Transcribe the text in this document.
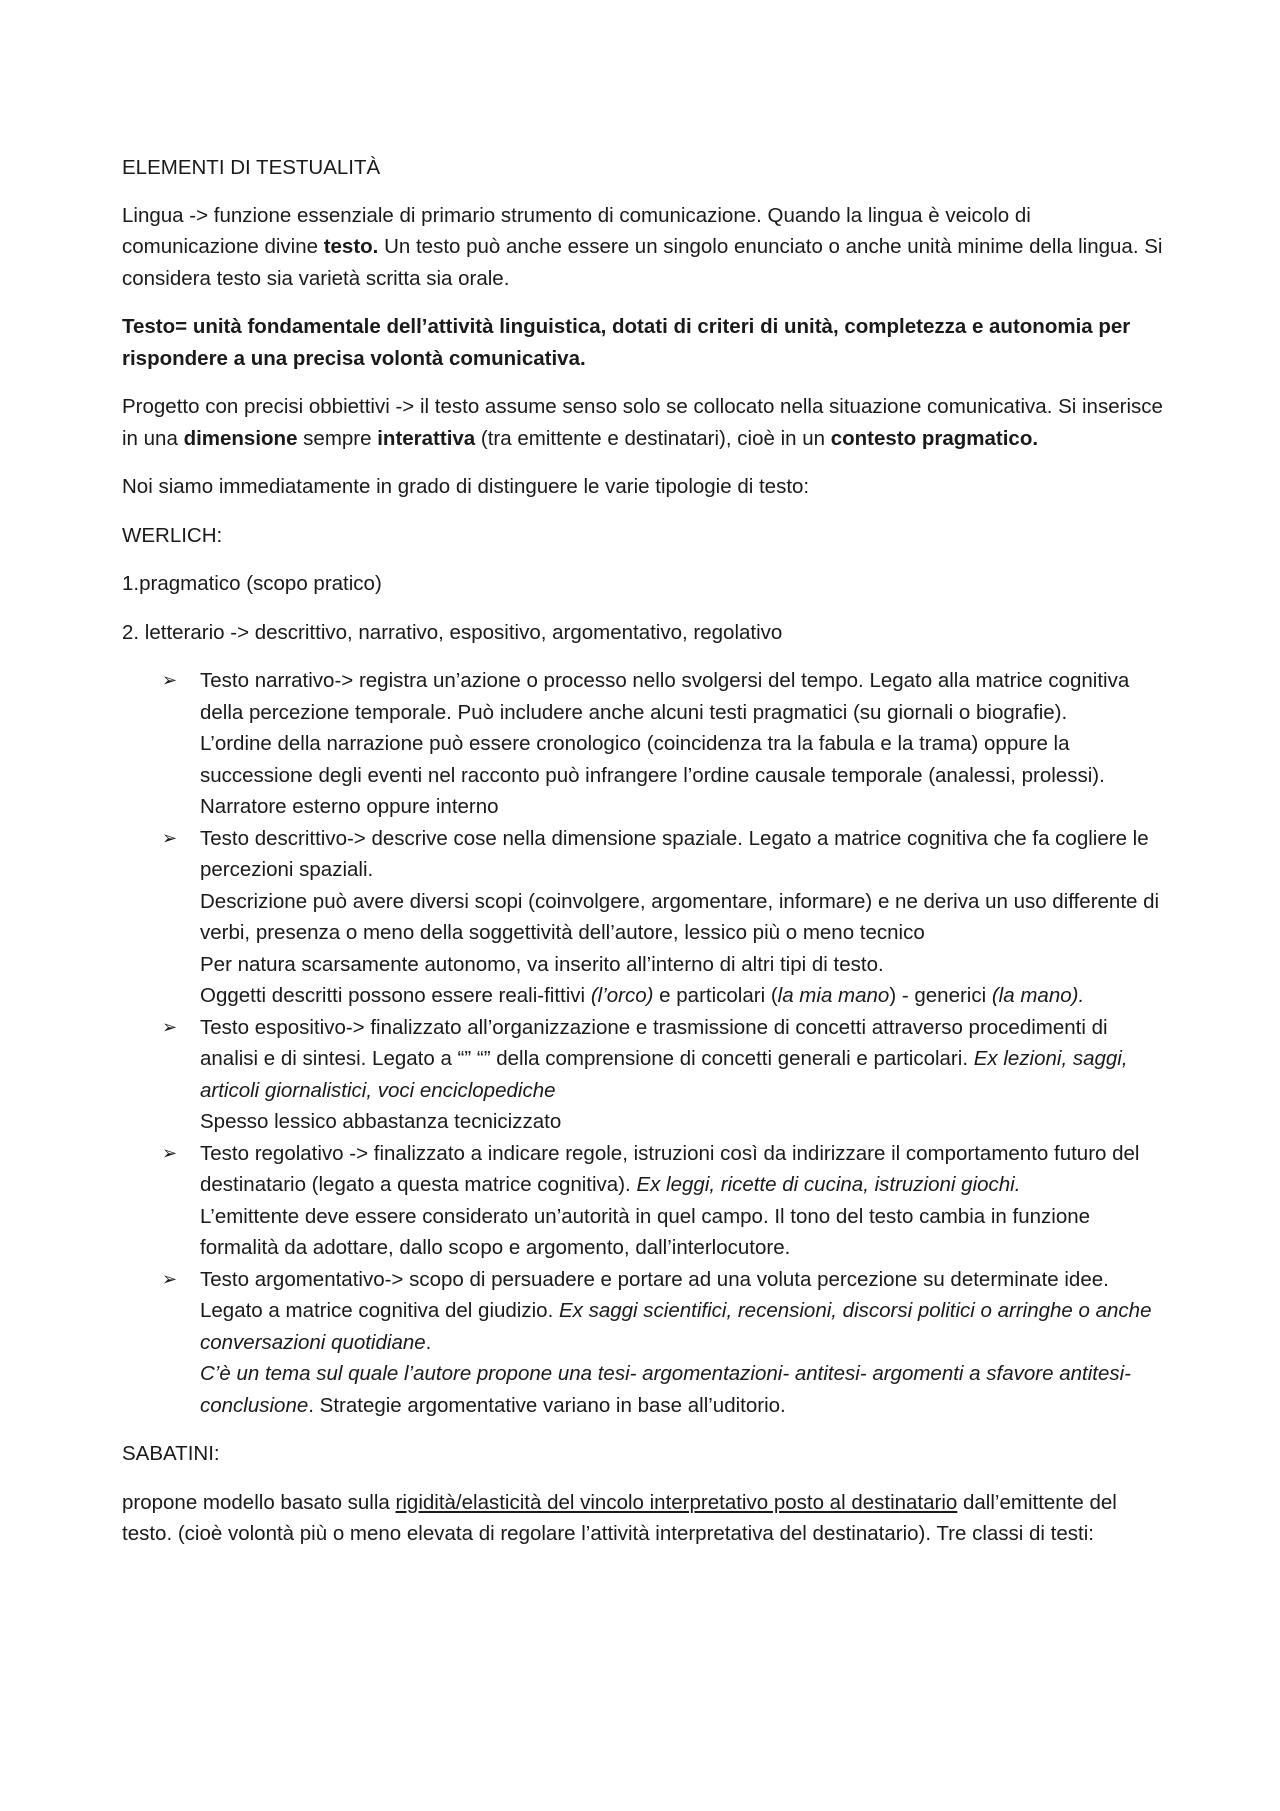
ELEMENTI DI TESTUALITÀ

Lingua -> funzione essenziale di primario strumento di comunicazione. Quando la lingua è veicolo di comunicazione divine testo. Un testo può anche essere un singolo enunciato o anche unità minime della lingua. Si considera testo sia varietà scritta sia orale.

Testo= unità fondamentale dell’attività linguistica, dotati di criteri di unità, completezza e autonomia per rispondere a una precisa volontà comunicativa.

Progetto con precisi obbiettivi -> il testo assume senso solo se collocato nella situazione comunicativa. Si inserisce in una dimensione sempre interattiva (tra emittente e destinatari), cioè in un contesto pragmatico.

Noi siamo immediatamente in grado di distinguere le varie tipologie di testo:

WERLICH:

1.pragmatico (scopo pratico)

2. letterario -> descrittivo, narrativo, espositivo, argomentativo, regolativo

➢ Testo narrativo-> registra un’azione o processo nello svolgersi del tempo. Legato alla matrice cognitiva della percezione temporale. Può includere anche alcuni testi pragmatici (su giornali o biografie).
L’ordine della narrazione può essere cronologico (coincidenza tra la fabula e la trama) oppure la successione degli eventi nel racconto può infrangere l’ordine causale temporale (analessi, prolessi).
Narratore esterno oppure interno
➢ Testo descrittivo-> descrive cose nella dimensione spaziale. Legato a matrice cognitiva che fa cogliere le percezioni spaziali.
Descrizione può avere diversi scopi (coinvolgere, argomentare, informare) e ne deriva un uso differente di verbi, presenza o meno della soggettività dell’autore, lessico più o meno tecnico
Per natura scarsamente autonomo, va inserito all’interno di altri tipi di testo.
Oggetti descritti possono essere reali-fittivi (l’orco) e particolari (la mia mano) - generici (la mano).
➢ Testo espositivo-> finalizzato all’organizzazione e trasmissione di concetti attraverso procedimenti di analisi e di sintesi. Legato a “” “” della comprensione di concetti generali e particolari. Ex lezioni, saggi, articoli giornalistici, voci enciclopediche
Spesso lessico abbastanza tecnicizzato
➢ Testo regolativo -> finalizzato a indicare regole, istruzioni così da indirizzare il comportamento futuro del destinatario (legato a questa matrice cognitiva). Ex leggi, ricette di cucina, istruzioni giochi.
L’emittente deve essere considerato un’autorità in quel campo. Il tono del testo cambia in funzione formalità da adottare, dallo scopo e argomento, dall’interlocutore.
➢ Testo argomentativo-> scopo di persuadere e portare ad una voluta percezione su determinate idee. Legato a matrice cognitiva del giudizio. Ex saggi scientifici, recensioni, discorsi politici o arringhe o anche conversazioni quotidiane.
C’è un tema sul quale l’autore propone una tesi- argomentazioni- antitesi- argomenti a sfavore antitesi- conclusione. Strategie argomentative variano in base all’uditorio.

SABATINI:

propone modello basato sulla rigidità/elasticità del vincolo interpretativo posto al destinatario dall’emittente del testo. (cioè volontà più o meno elevata di regolare l’attività interpretativa del destinatario). Tre classi di testi:
